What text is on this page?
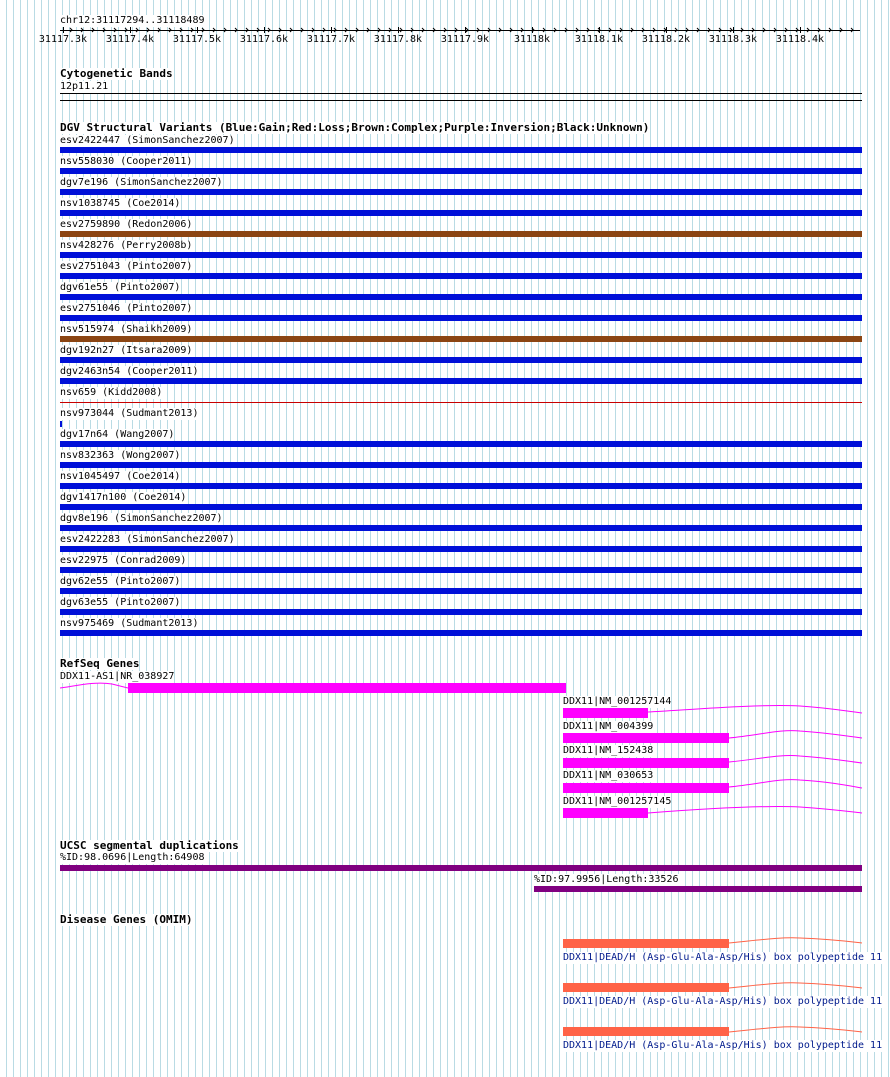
chr12:31117294..31118489
31117.3k	31117.4k	31117.5k	31117.6k	31117.7k	31117.8k	31117.9k	31118k	31118.1k	31118.2k	31118.3k	31118.4k
Cytogenetic Bands
12p11.21
DGV Structural Variants (Blue:Gain;Red:Loss;Brown:Complex;Purple:Inversion;Black:Unknown)
esv2422447 (SimonSanchez2007)
nsv558030 (Cooper2011)
dgv7e196 (SimonSanchez2007)
nsv1038745 (Coe2014)
esv2759890 (Redon2006)
nsv428276 (Perry2008b)
esv2751043 (Pinto2007)
dgv61e55 (Pinto2007)
esv2751046 (Pinto2007)
nsv515974 (Shaikh2009)
dgv192n27 (Itsara2009)
dgv2463n54 (Cooper2011)
nsv659 (Kidd2008)
nsv973044 (Sudmant2013)
dgv17n64 (Wang2007)
nsv832363 (Wong2007)
nsv1045497 (Coe2014)
dgv1417n100 (Coe2014)
dgv8e196 (SimonSanchez2007)
esv2422283 (SimonSanchez2007)
esv22975 (Conrad2009)
dgv62e55 (Pinto2007)
dgv63e55 (Pinto2007)
nsv975469 (Sudmant2013)
RefSeq Genes
DDX11-AS1|NR_038927
DDX11|NM_001257144
DDX11|NM_004399
DDX11|NM_152438
DDX11|NM_030653
DDX11|NM_001257145
UCSC segmental duplications
%ID:98.0696|Length:64908
%ID:97.9956|Length:33526
Disease Genes (OMIM)
DDX11|DEAD/H (Asp-Glu-Ala-Asp/His) box polypeptide 11
DDX11|DEAD/H (Asp-Glu-Ala-Asp/His) box polypeptide 11
DDX11|DEAD/H (Asp-Glu-Ala-Asp/His) box polypeptide 11
